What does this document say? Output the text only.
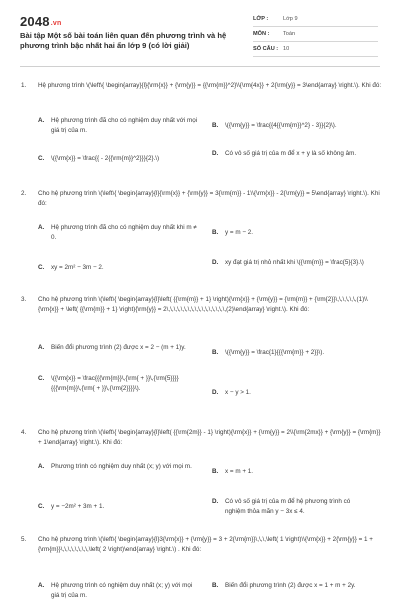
2048.vn
Bài tập Một số bài toán liên quan đến phương trình và hệ phương trình bậc nhất hai ẩn lớp 9 (có lời giải)
LỚP :	Lớp 9
MÔN :	Toán
SỐ CÂU : 10
1. Hệ phương trình \(\left\{ \begin{array}{l}{\rm{x}} + {\rm{y}} = {{\rm{m}}^2}\\{\rm{4x}} + 2{\rm{y}} = 3\end{array} \right.\). Khi đó:
A. Hệ phương trình đã cho có nghiệm duy nhất với mọi giá trị của m.
B. \({\rm{y}} = \frac{{4{{\rm{m}}^2} - 3}}{2}\).
C. \({\rm{x}} = \frac{{ - 2{{\rm{m}}^2}}}{2}.\)
D. Có vô số giá trị của m để x + y là số không âm.
2. Cho hệ phương trình \(\left\{ \begin{array}{l}{\rm{x}} + {\rm{y}} = 3{\rm{m}} - 1\\{\rm{x}} - 2{\rm{y}} = 5\end{array} \right.\). Khi đó:
A. Hệ phương trình đã cho có nghiệm duy nhất khi m ≠ 0.
B. y = m − 2.
C. xy = 2m² − 3m − 2.
D. xy đạt giá trị nhỏ nhất khi \({\rm{m}} = \frac{5}{3}.\)
3. Cho hệ phương trình \(\left\{ \begin{array}{l}\left( {{\rm{m}} + 1} \right){\rm{x}} + {\rm{y}} = {\rm{m}} + {\rm{2}}\,\,\,\,\,\,(1)\\{\rm{x}} + \left( {{\rm{m}} + 1} \right){\rm{y}} = 2\,\,\,\,\,\,\,\,\,\,\,\,\,\,\,\,\,(2)\end{array} \right.\). Khi đó:
A. Biến đổi phương trình (2) được x = 2 − (m + 1)y.
B. \({\rm{y}} = \frac{1}{{{\rm{m}} + 2}}\).
C. \({\rm{x}} = \frac{{{\rm{m}}\,{\rm{ + }}\,{\rm{5}}}}{{{\rm{m}}\,{\rm{ + }}\,{\rm{2}}}}\).
D. x − y > 1.
4. Cho hệ phương trình \(\left\{ \begin{array}{l}\left( {{\rm{2m}} - 1} \right){\rm{x}} + {\rm{y}} = 2\\{\rm{2mx}} + {\rm{y}} = {\rm{m}} + 1\end{array} \right.\). Khi đó:
A. Phương trình có nghiệm duy nhất (x; y) với mọi m.
B. x = m + 1.
C. y = −2m² + 3m + 1.
D. Có vô số giá trị của m để hệ phương trình có nghiệm thỏa mãn y − 3x ≤ 4.
5. Cho hệ phương trình \(\left\{ \begin{array}{l}3{\rm{x}} + {\rm{y}} = 3 + 2{\rm{m}}\,\,\,\left( 1 \right)\\{\rm{x}} + 2{\rm{y}} = 1 + {\rm{m}}\,\,\,\,\,\,\,\,\left( 2 \right)\end{array} \right.\) . Khi đó:
A. Hệ phương trình có nghiệm duy nhất (x; y) với mọi giá trị của m.
B. Biến đổi phương trình (2) được x = 1 + m + 2y.
